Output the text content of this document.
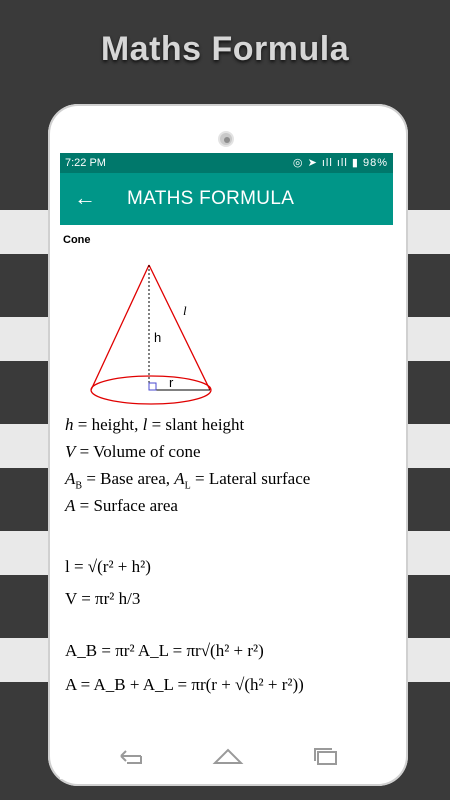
Maths Formula
7:22 PM	◎ ➤ ıll ıll ▮ 98%
← MATHS FORMULA
Cone
h
l
r
h = height, l = slant height
V = Volume of cone
$A_B$ = Base area, $A_L$ = Lateral surface
A = Surface area
l = √(r² + h²)
V = πr² h/3
A_B = πr² A_L = πr√(h² + r²)
A = A_B + A_L = πr(r + √(h² + r²))
